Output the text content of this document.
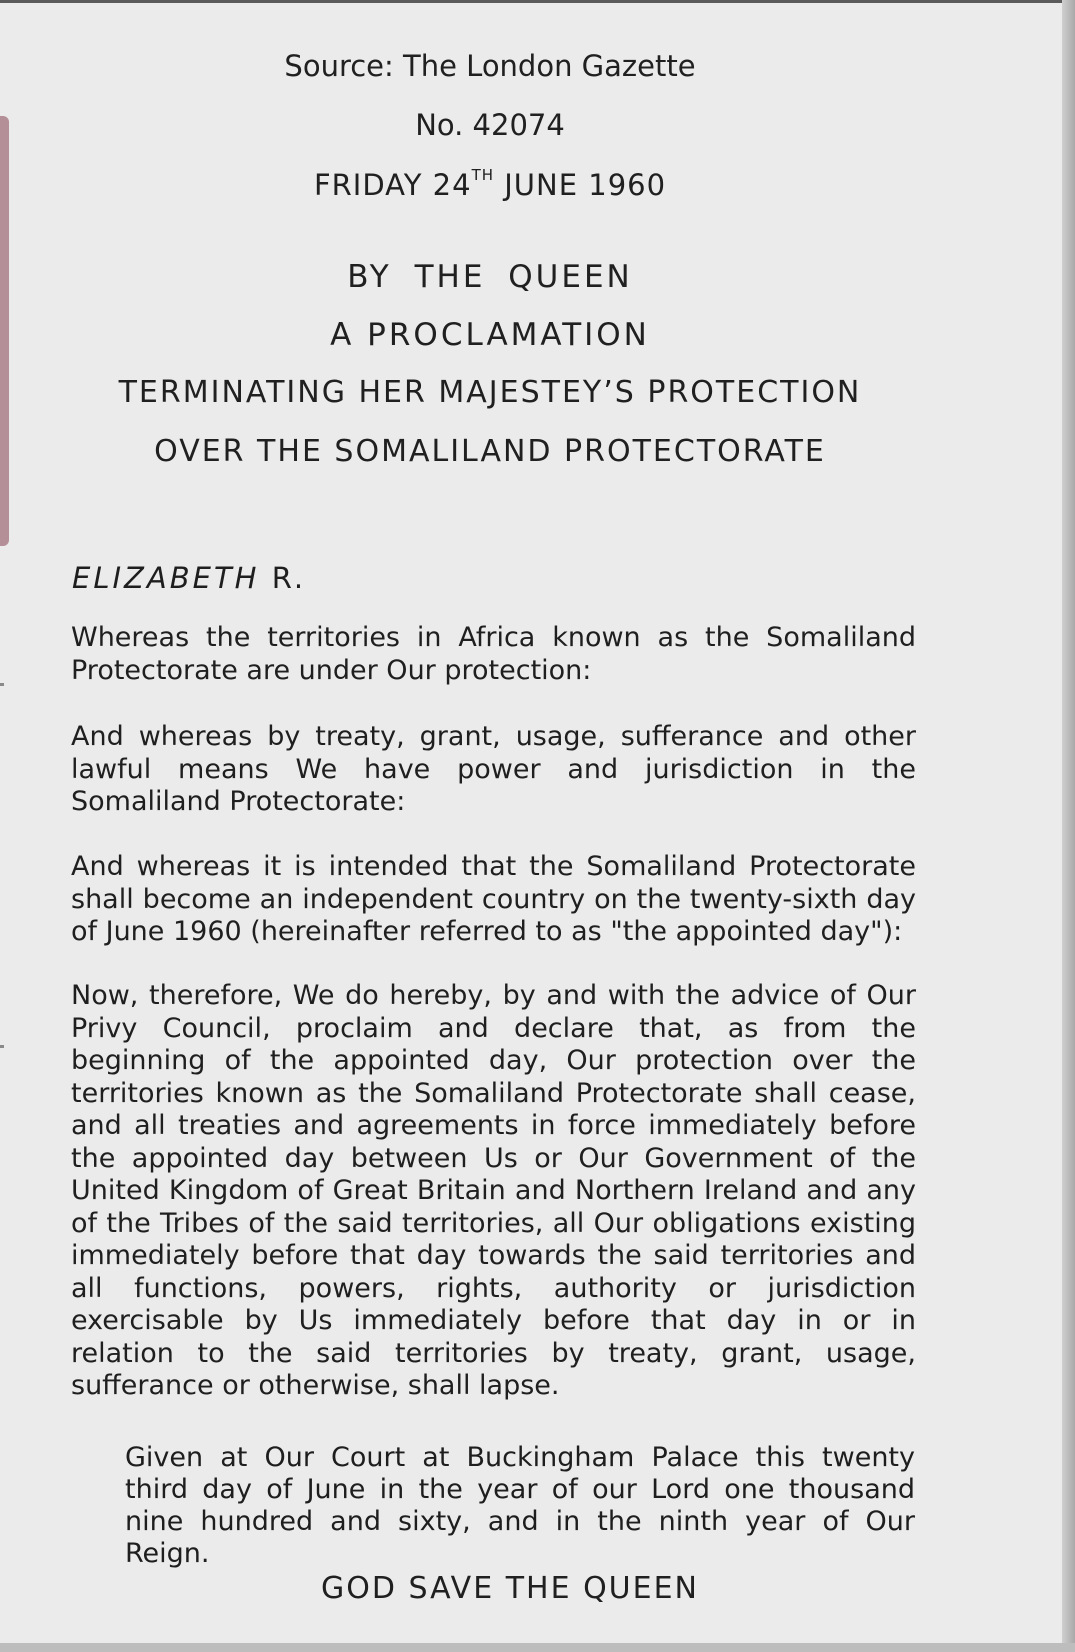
Source: The London Gazette
No. 42074
FRIDAY 24TH JUNE 1960
BY THE QUEEN
A PROCLAMATION
TERMINATING HER MAJESTEY’S PROTECTION
OVER THE SOMALILAND PROTECTORATE
ELIZABETH R.
Whereas the territories in Africa known as the Somaliland Protectorate are under Our protection:
And whereas by treaty, grant, usage, sufferance and other lawful means We have power and jurisdiction in the Somaliland Protectorate:
And whereas it is intended that the Somaliland Protectorate shall become an independent country on the twenty-sixth day of June 1960 (hereinafter referred to as "the appointed day"):
Now, therefore, We do hereby, by and with the advice of Our Privy Council, proclaim and declare that, as from the beginning of the appointed day, Our protection over the territories known as the Somaliland Protectorate shall cease, and all treaties and agreements in force immediately before the appointed day between Us or Our Government of the United Kingdom of Great Britain and Northern Ireland and any of the Tribes of the said territories, all Our obligations existing immediately before that day towards the said territories and all functions, powers, rights, authority or jurisdiction exercisable by Us immediately before that day in or in relation to the said territories by treaty, grant, usage, sufferance or otherwise, shall lapse.
Given at Our Court at Buckingham Palace this twenty third day of June in the year of our Lord one thousand nine hundred and sixty, and in the ninth year of Our Reign.
GOD SAVE THE QUEEN
